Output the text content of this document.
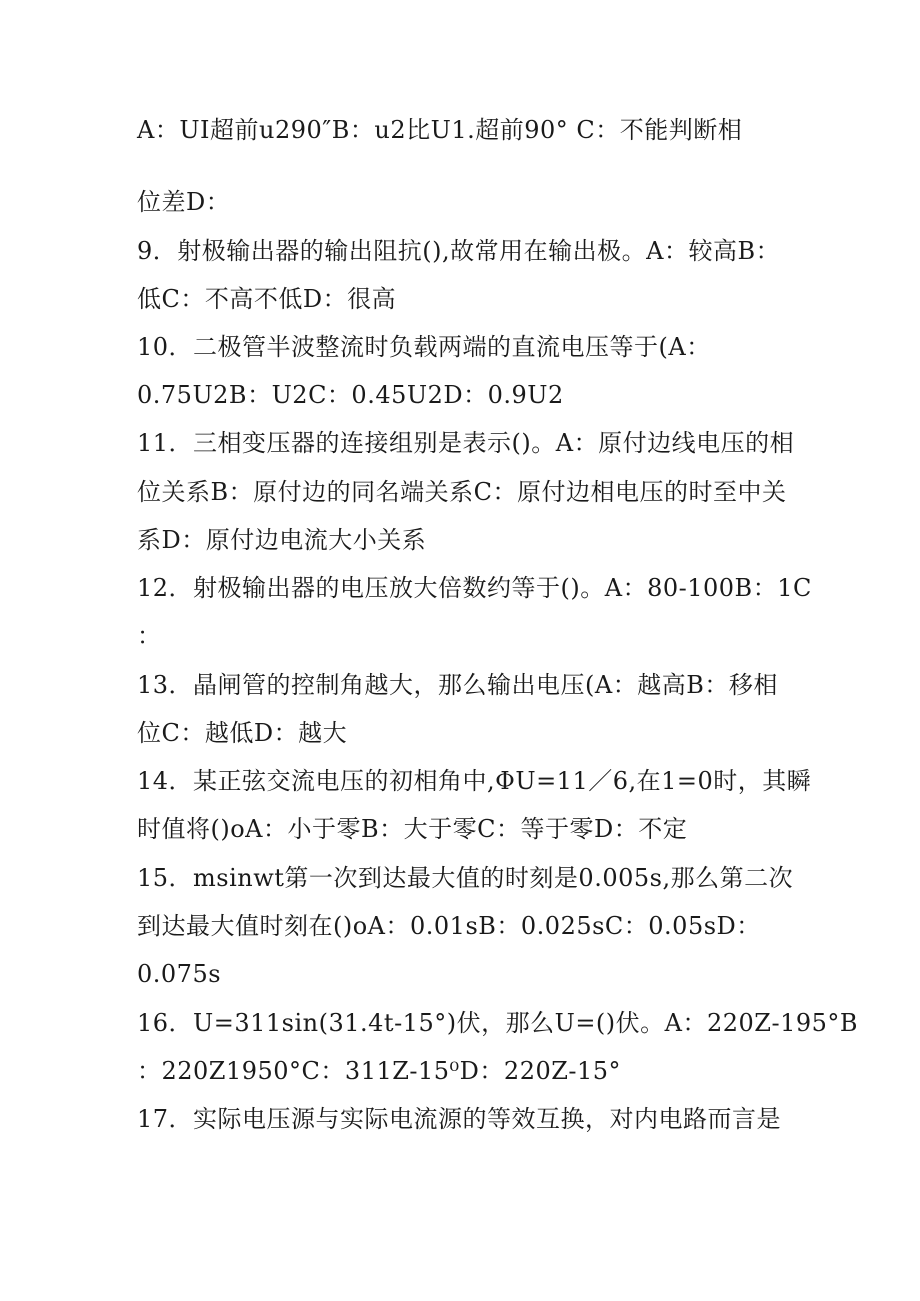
A：UI超前u290″B：u2比U1.超前90° C：不能判断相
位差D：
9．射极输出器的输出阻抗(),故常用在输出极。A：较高B：
低C：不高不低D：很高
10．二极管半波整流时负载两端的直流电压等于(A：
0.75U2B：U2C：0.45U2D：0.9U2
11．三相变压器的连接组别是表示()。A：原付边线电压的相
位关系B：原付边的同名端关系C：原付边相电压的时至中关
系D：原付边电流大小关系
12．射极输出器的电压放大倍数约等于()。A：80-100B：1C
：
13．晶闸管的控制角越大，那么输出电压(A：越高B：移相
位C：越低D：越大
14．某正弦交流电压的初相角中,ΦU=11／6,在1=0时，其瞬
时值将()oA：小于零B：大于零C：等于零D：不定
15．msinwt第一次到达最大值的时刻是0.005s,那么第二次
到达最大值时刻在()oA：0.01sB：0.025sC：0.05sD：
0.075s
16．U=311sin(31.4t-15°)伏，那么U=()伏。A：220Z-195°B
：220Z1950°C：311Z-15⁰D：220Z-15°
17．实际电压源与实际电流源的等效互换，对内电路而言是
